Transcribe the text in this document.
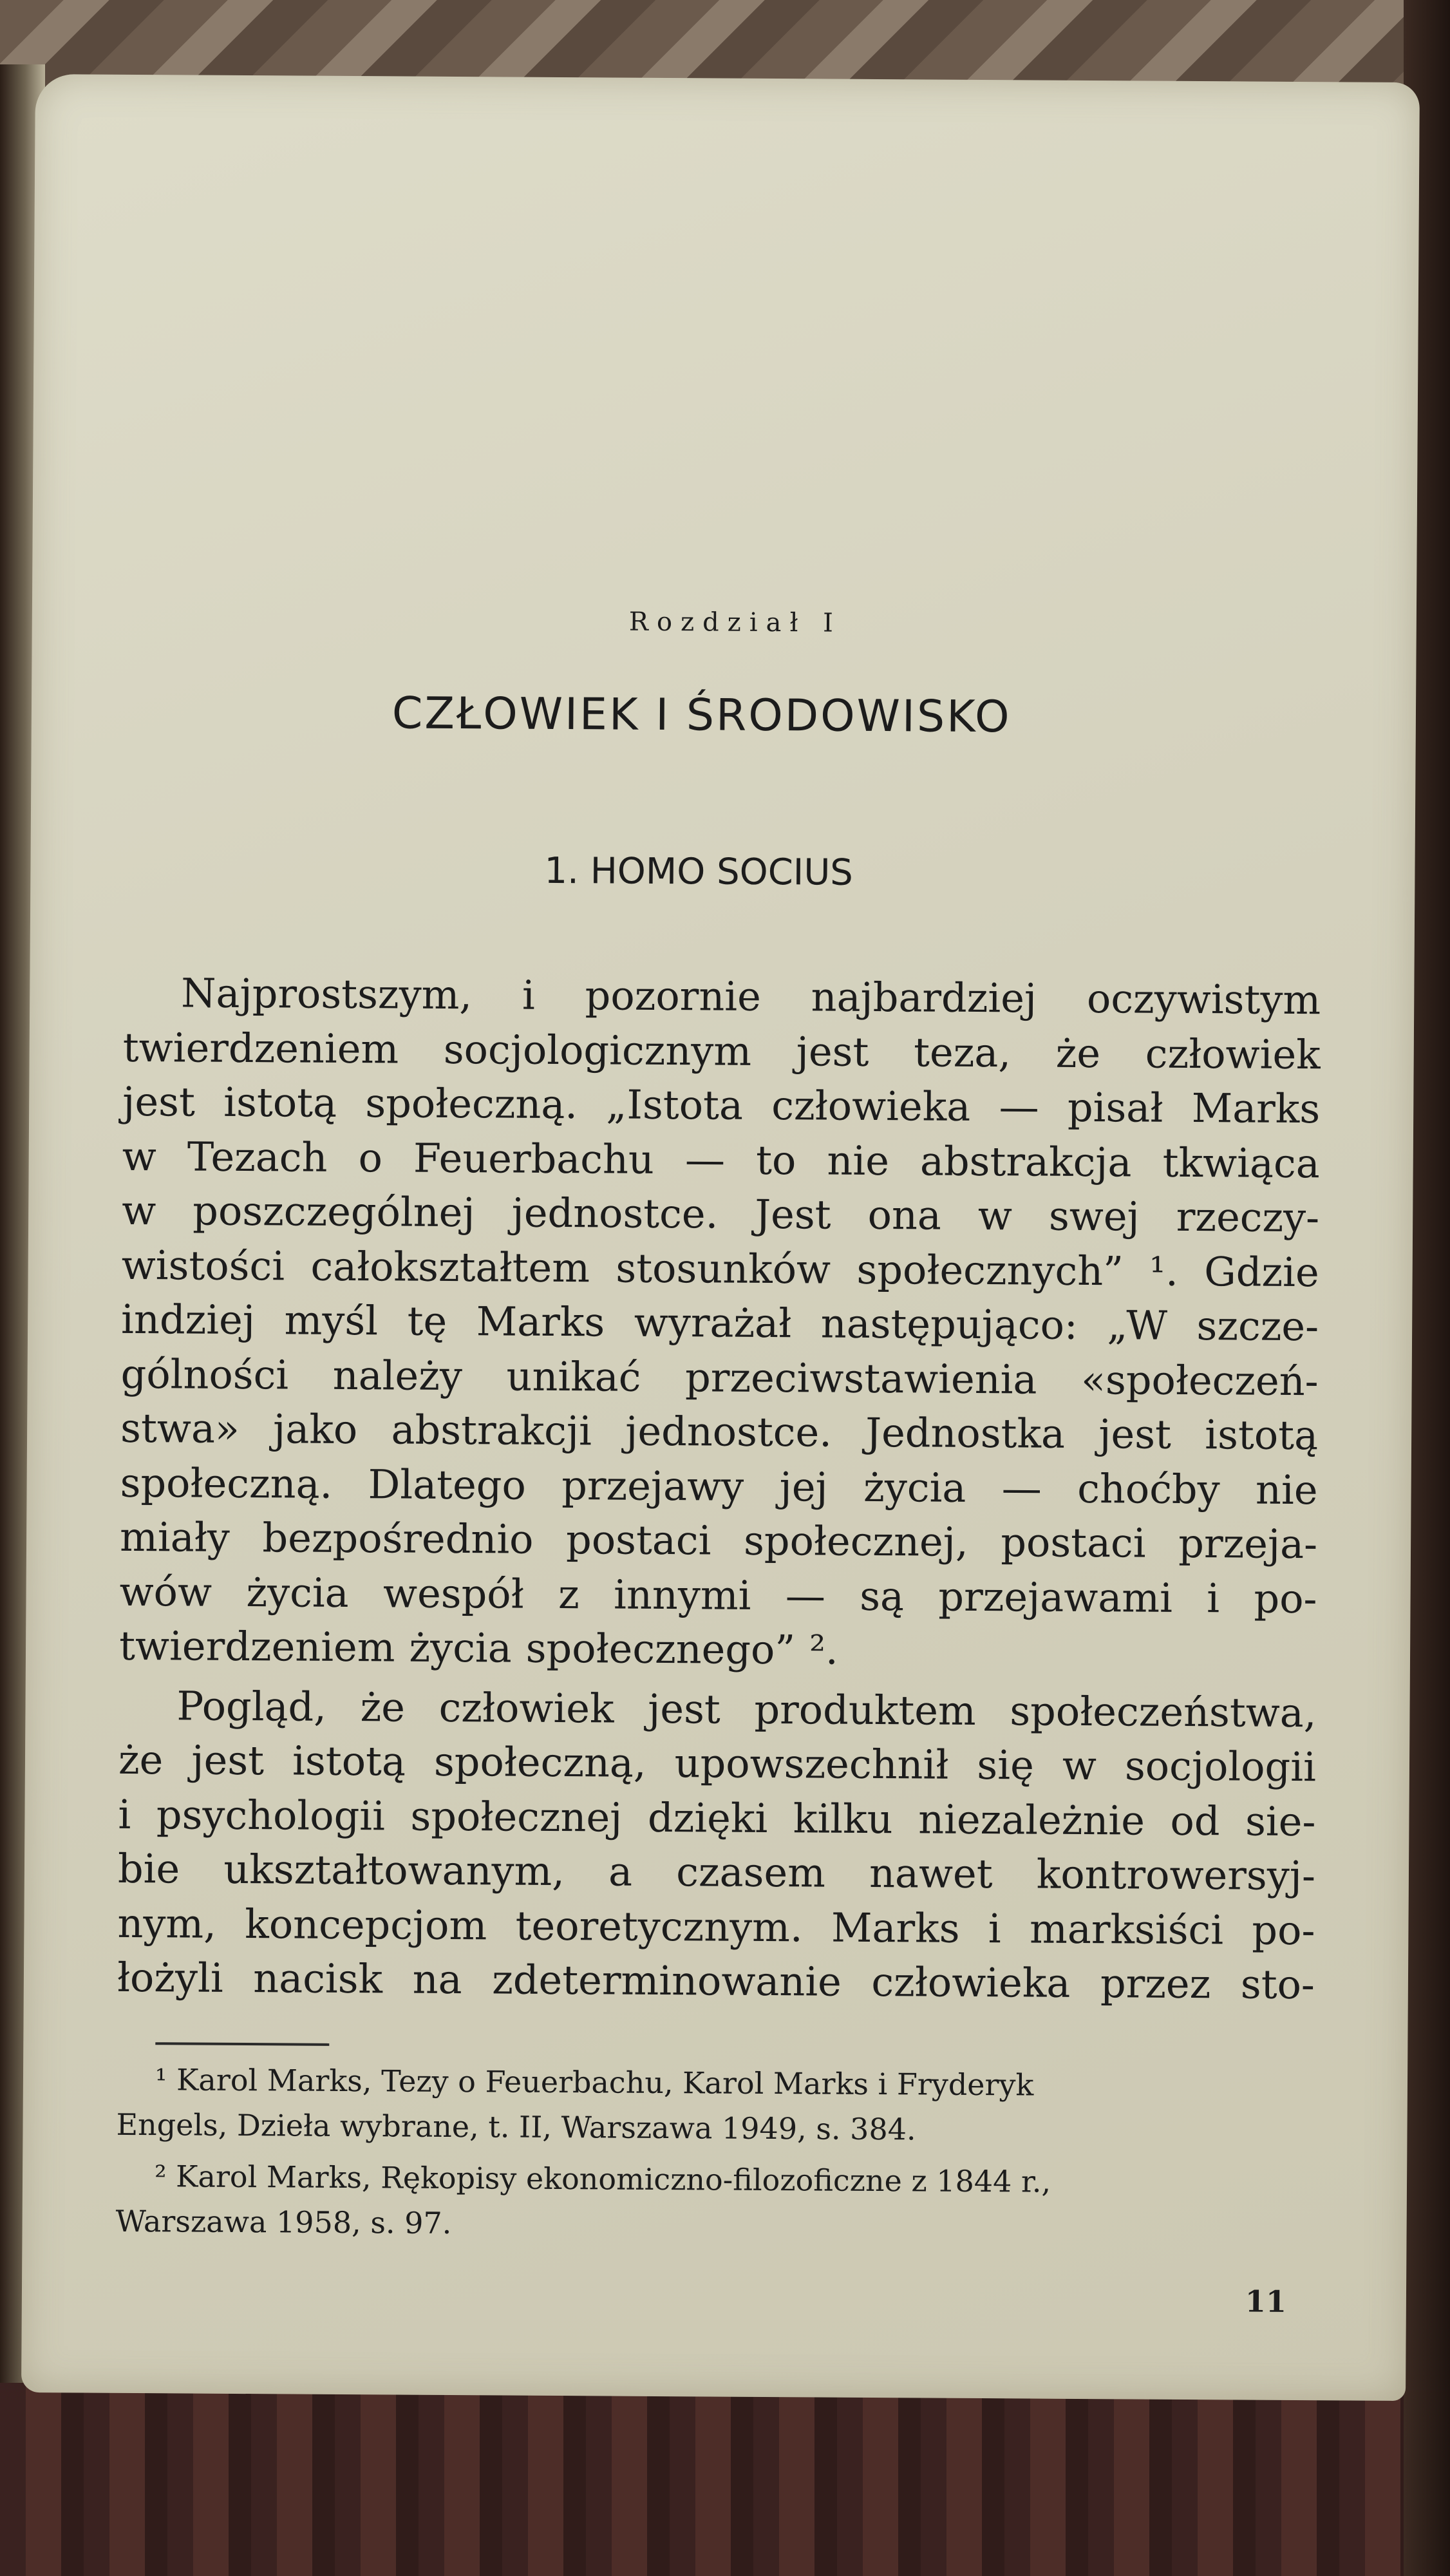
Rozdział I
CZŁOWIEK I ŚRODOWISKO
1. HOMO SOCIUS
Najprostszym, i pozornie najbardziej oczywistym
twierdzeniem socjologicznym jest teza, że człowiek
jest istotą społeczną. „Istota człowieka — pisał Marks
w Tezach o Feuerbachu — to nie abstrakcja tkwiąca
w poszczególnej jednostce. Jest ona w swej rzeczy-
wistości całokształtem stosunków społecznych” ¹. Gdzie
indziej myśl tę Marks wyrażał następująco: „W szcze-
gólności należy unikać przeciwstawienia «społeczeń-
stwa» jako abstrakcji jednostce. Jednostka jest istotą
społeczną. Dlatego przejawy jej życia — choćby nie
miały bezpośrednio postaci społecznej, postaci przeja-
wów życia wespół z innymi — są przejawami i po-
twierdzeniem życia społecznego” ².
Pogląd, że człowiek jest produktem społeczeństwa,
że jest istotą społeczną, upowszechnił się w socjologii
i psychologii społecznej dzięki kilku niezależnie od sie-
bie ukształtowanym, a czasem nawet kontrowersyj-
nym, koncepcjom teoretycznym. Marks i marksiści po-
łożyli nacisk na zdeterminowanie człowieka przez sto-
¹ Karol Marks, Tezy o Feuerbachu, Karol Marks i Fryderyk
Engels, Dzieła wybrane, t. II, Warszawa 1949, s. 384.
² Karol Marks, Rękopisy ekonomiczno-filozoficzne z 1844 r.,
Warszawa 1958, s. 97.
11
